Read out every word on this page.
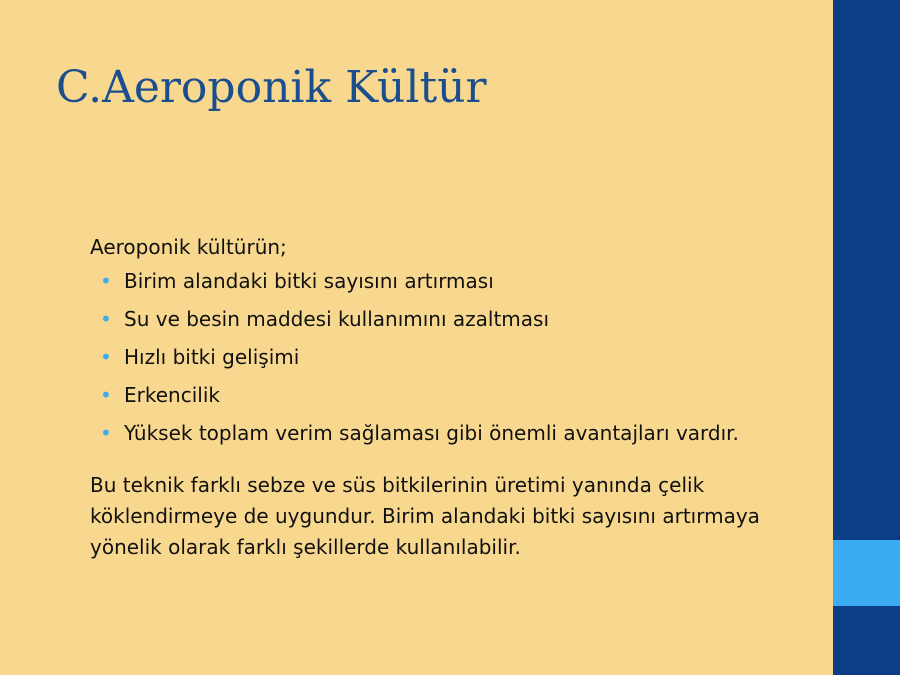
C.Aeroponik Kültür

Aeroponik kültürün;

• Birim alandaki bitki sayısını artırması
• Su ve besin maddesi kullanımını azaltması
• Hızlı bitki gelişimi
• Erkencilik
• Yüksek toplam verim sağlaması gibi önemli avantajları vardır.

Bu teknik farklı sebze ve süs bitkilerinin üretimi yanında çelik köklendirmeye de uygundur. Birim alandaki bitki sayısını artırmaya yönelik olarak farklı şekillerde kullanılabilir.
